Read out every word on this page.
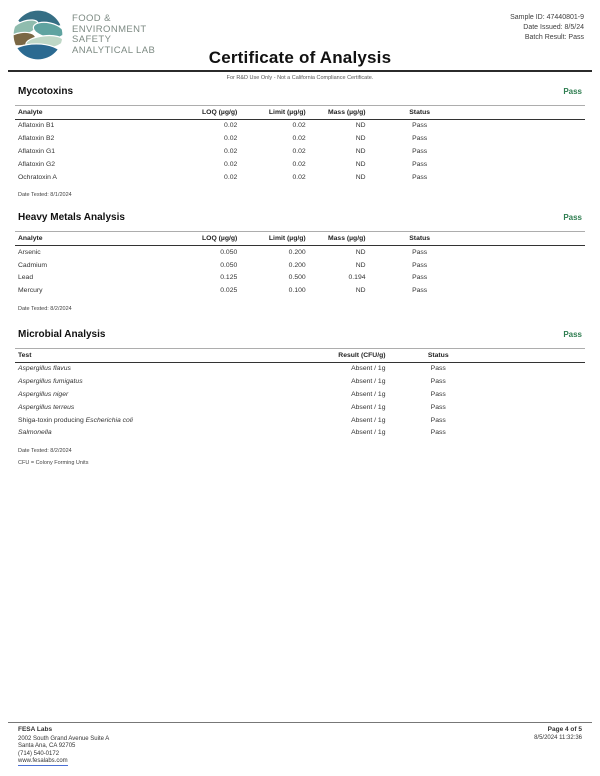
FOOD &
ENVIRONMENT
SAFETY
ANALYTICAL LAB
Sample ID: 47440801-9
Date Issued: 8/5/24
Batch Result: Pass
Certificate of Analysis
For R&D Use Only - Not a California Compliance Certificate.
Mycotoxins	Pass
Analyte	LOQ (µg/g)	Limit (µg/g)	Mass (µg/g)	Status	
Aflatoxin B1	0.02	0.02	ND	Pass	
Aflatoxin B2	0.02	0.02	ND	Pass	
Aflatoxin G1	0.02	0.02	ND	Pass	
Aflatoxin G2	0.02	0.02	ND	Pass	
Ochratoxin A	0.02	0.02	ND	Pass	
Date Tested: 8/1/2024
Heavy Metals Analysis	Pass
Analyte	LOQ (µg/g)	Limit (µg/g)	Mass (µg/g)	Status	
Arsenic	0.050	0.200	ND	Pass	
Cadmium	0.050	0.200	ND	Pass	
Lead	0.125	0.500	0.194	Pass	
Mercury	0.025	0.100	ND	Pass	
Date Tested: 8/2/2024
Microbial Analysis	Pass
Test	Result (CFU/g)	Status	
Aspergillus flavus	Absent / 1g	Pass	
Aspergillus fumigatus	Absent / 1g	Pass	
Aspergillus niger	Absent / 1g	Pass	
Aspergillus terreus	Absent / 1g	Pass	
Shiga-toxin producing Escherichia coli	Absent / 1g	Pass	
Salmonella	Absent / 1g	Pass	
Date Tested: 8/2/2024
CFU = Colony Forming Units
FESA Labs
2002 South Grand Avenue Suite A
Santa Ana, CA 92705
(714) 540-0172
www.fesalabs.com
Page 4 of 5
8/5/2024 11:32:36
